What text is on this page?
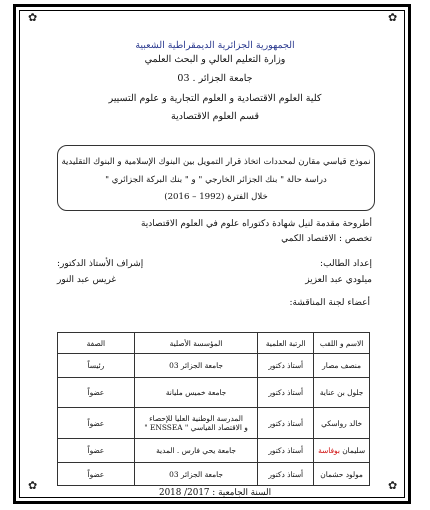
✿	✿
✿	✿
الجمهورية الجزائرية الديمقراطية الشعبية
وزارة التعليم العالي و البحث العلمي
جامعة الجزائر . 03
كلية العلوم الاقتصادية و العلوم التجارية و علوم التسيير
قسم العلوم الاقتصادية
نموذج قياسي مقارن لمحددات اتخاذ قرار التمويل بين البنوك الإسلامية و البنوك التقليدية
دراسة حالة " بنك الجزائر الخارجي " و " بنك البركة الجزائري "
خلال الفترة (1992 – 2016)
أطروحة مقدمة لنيل شهادة دكتوراه علوم في العلوم الاقتصادية
تخصص : الاقتصاد الكمي
إعداد الطالب:
ميلودي عبد العزيز
إشراف الأستاذ الدكتور:
غريس عبد النور
أعضاء لجنة المناقشة:
الاسم و اللقب	الرتبة العلمية	المؤسسة الأصلية	الصفة
منصف مصار	أستاذ دكتور	جامعة الجزائر 03	رئيساً
جلول بن عناية	أستاذ دكتور	جامعة خميس مليانة	عضواً
خالد رواسكي	أستاذ دكتور	المدرسة الوطنية العليا للإحصاء
و الاقتصاد القياسي " ENSSEA "	عضواً
سليمان بوفاسة	أستاذ دكتور	جامعة يحي فارس . المدية	عضواً
مولود حشمان	أستاذ دكتور	جامعة الجزائر 03	عضواً
السنة الجامعية : 2017/ 2018
